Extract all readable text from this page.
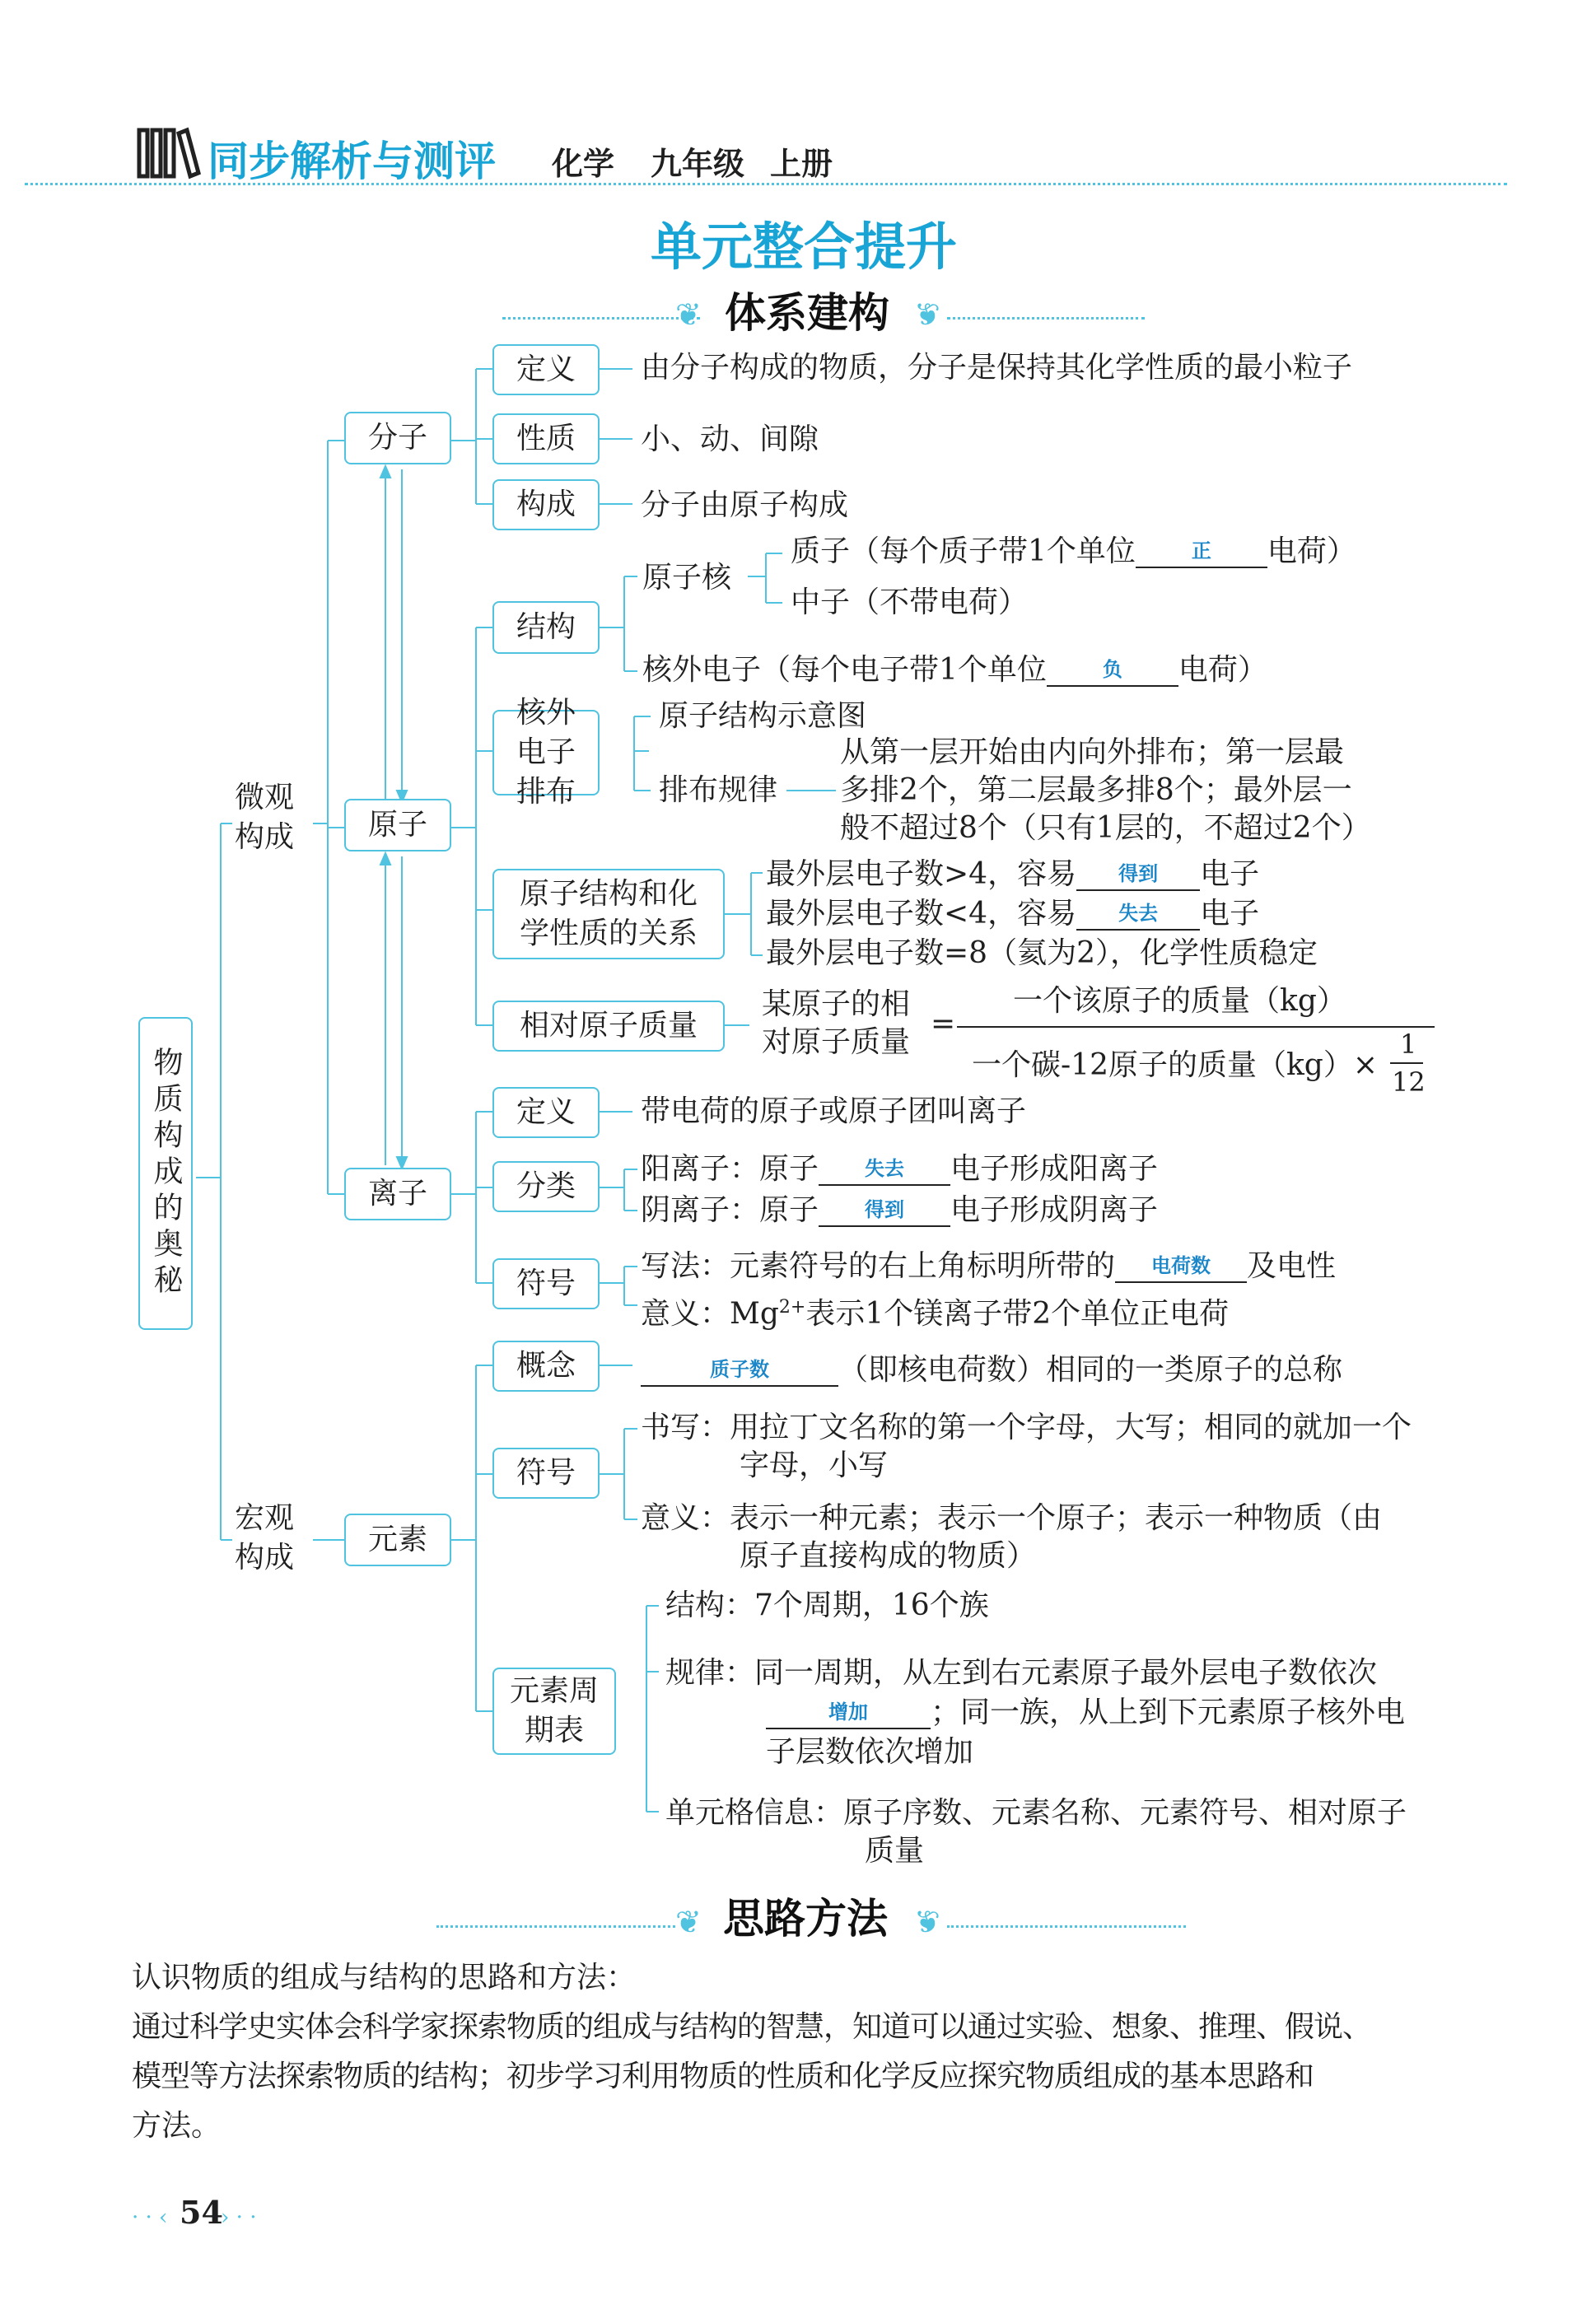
同步解析与测评 化学 九年级 上册
单元整合提升
❦ 体系建构 ❦
物质构成的奥秘
微观构成
宏观构成
分子
原子
离子
元素
定义	由分子构成的物质，分子是保持其化学性质的最小粒子
性质	小、动、间隙
构成	分子由原子构成
结构
原子核
质子（每个质子带1个单位	正 电荷）
中子（不带电荷）
核外电子（每个电子带1个单位	负 电荷）
核外电子排布
原子结构示意图
排布规律
从第一层开始由内向外排布；第一层最
多排2个，第二层最多排8个；最外层一
般不超过8个（只有1层的，不超过2个）
原子结构和化学性质的关系
最外层电子数>4，容易 得到 电子
最外层电子数<4，容易 失去 电子
最外层电子数=8（氦为2），化学性质稳定
相对原子质量
某原子的相
对原子质量
=
一个该原子的质量（kg）
一个碳-12原子的质量（kg）×
1
12
定义	带电荷的原子或原子团叫离子
分类
阳离子：原子 失去 电子形成阳离子
阴离子：原子 得到 电子形成阴离子
符号
写法：元素符号的右上角标明所带的 电荷数 及电性
意义：$Mg^{2+}$表示1个镁离子带2个单位正电荷
概念	质子数 （即核电荷数）相同的一类原子的总称
符号
书写：用拉丁文名称的第一个字母，大写；相同的就加一个
字母，小写
意义：表示一种元素；表示一个原子；表示一种物质（由
原子直接构成的物质）
元素周期表
结构：7个周期，16个族
规律：同一周期，从左到右元素原子最外层电子数依次
增加 ；同一族，从上到下元素原子核外电
子层数依次增加
单元格信息：原子序数、元素名称、元素符号、相对原子
质量
❦ 思路方法 ❦
认识物质的组成与结构的思路和方法：
通过科学史实体会科学家探索物质的组成与结构的智慧，知道可以通过实验、想象、推理、假说、
模型等方法探索物质的结构；初步学习利用物质的性质和化学反应探究物质组成的基本思路和
方法。
· · ‹ 54
› · ·
